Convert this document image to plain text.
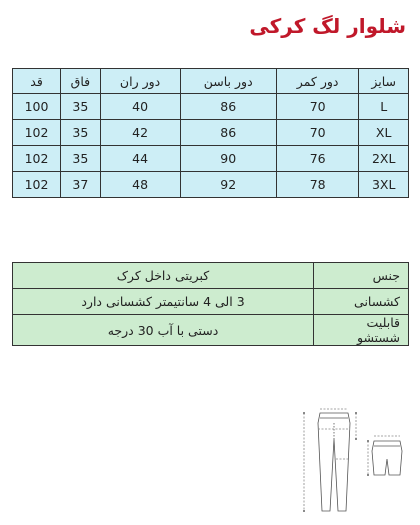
شلوار لگ کرکی
سایز	دور کمر	دور باسن	دور ران	فاق	قد
L	70	86	40	35	100
XL	70	86	42	35	102
2XL	76	90	44	35	102
3XL	78	92	48	37	102
جنس	کبریتی داخل کرک
کشسانی	3 الی 4 سانتیمتر کشسانی دارد
قابلیت شستشو	دستی با آب 30 درجه
